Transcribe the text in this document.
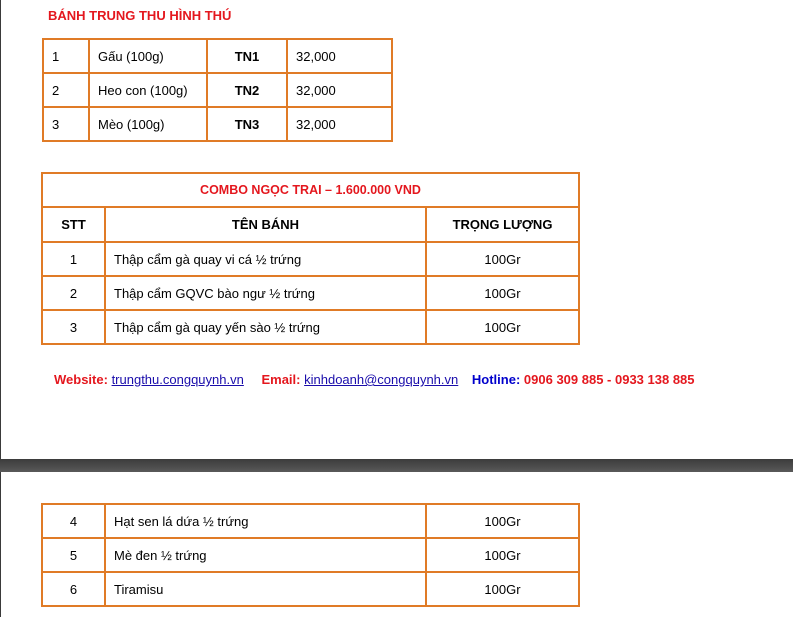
BÁNH TRUNG THU HÌNH THÚ
1	Gấu (100g)	TN1	32,000
2	Heo con (100g)	TN2	32,000
3	Mèo (100g)	TN3	32,000
COMBO NGỌC TRAI – 1.600.000 VND		
STT	TÊN BÁNH	TRỌNG LƯỢNG
1	Thập cẩm gà quay vi cá ½ trứng	100Gr
2	Thập cẩm GQVC bào ngư ½ trứng	100Gr
3	Thập cẩm gà quay yến sào ½ trứng	100Gr
Website: trungthu.congquynh.vn Email: kinhdoanh@congquynh.vn Hotline: 0906 309 885 - 0933 138 885
4	Hạt sen lá dứa ½ trứng	100Gr
5	Mè đen ½ trứng	100Gr
6	Tiramisu	100Gr
